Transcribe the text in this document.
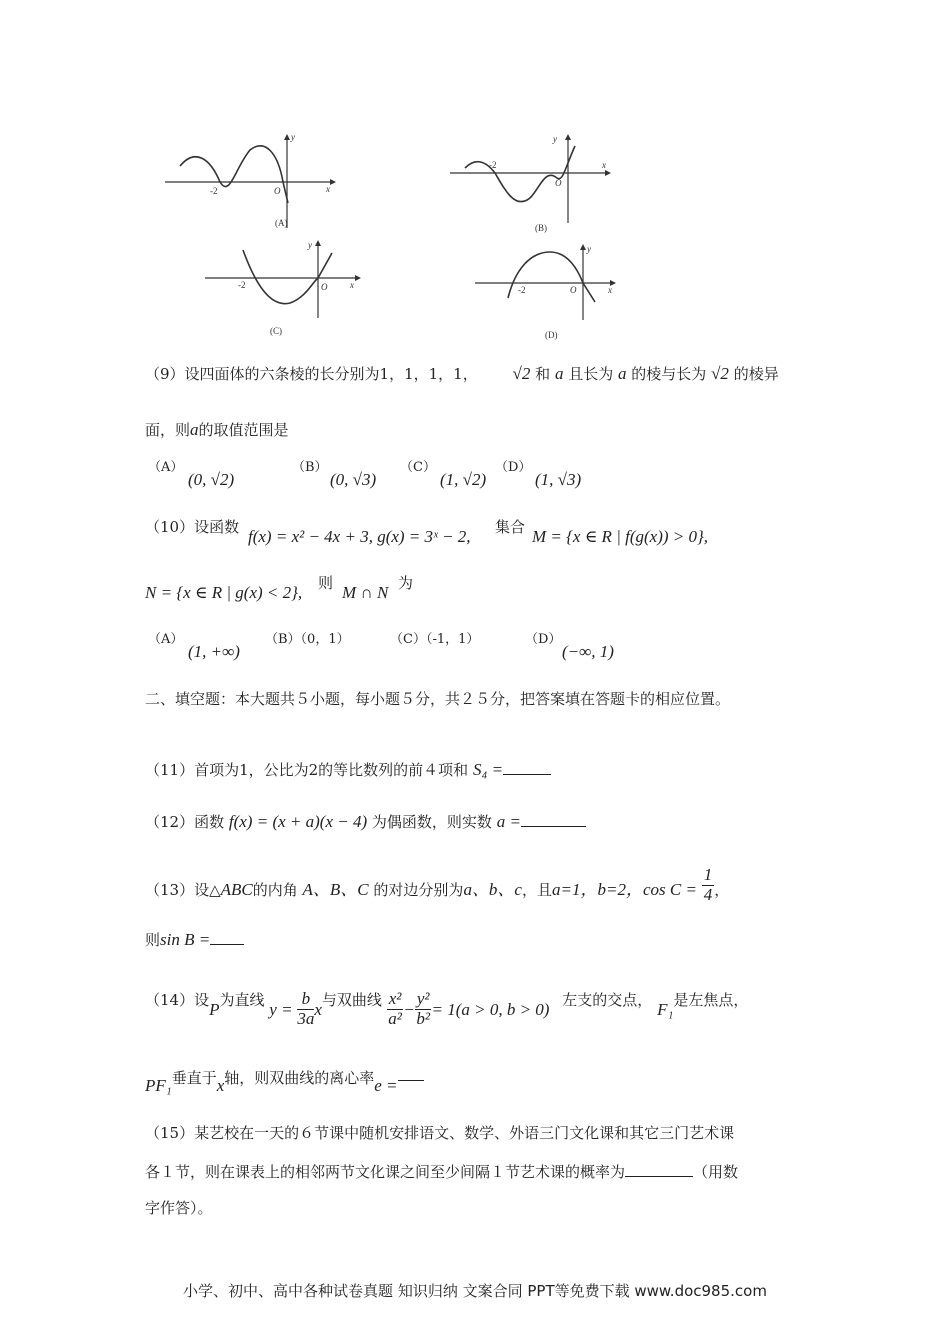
-2	O	x
y
(A)
-2
O
x
y
(B)
-2	O	x
y
(C)
-2	O	x
y
(D)
（9）设四面体的六条棱的长分别为1，1，1，1， √2 和 a 且长为 a 的棱与长为 √2 的棱异
面，则a的取值范围是
（A）
(0, √2)
（B）
(0, √3)
（C）
(1, √2)
（D）
(1, √3)
（10）设函数 f(x) = x² − 4x + 3, g(x) = 3ˣ − 2, 集合 M = {x ∈ R | f(g(x)) > 0},
N = {x ∈ R | g(x) < 2}, 则 M ∩ N 为
（A）
(1, +∞)
（B）（0，1）	（C）（-1，1）	（D）
(−∞, 1)
二、填空题：本大题共５小题，每小题５分，共２５分，把答案填在答题卡的相应位置。
（11）首项为1，公比为2的等比数列的前４项和 S₄ =
（12）函数 f(x) = (x + a)(x − 4) 为偶函数，则实数 a =
（13）设△ABC的内角 A、B、C 的对边分别为a、b、c，且a=1，b=2，$\cos C = \frac{1}{4}$ ，
则sin B =
（14）设P为直线 $y = \frac{b}{3a}$ x与双曲线 $\frac{\text{x²}}{\text{a²}} - \frac{\text{y²}}{\text{b²}} = 1(a > 0$, b > 0) 左支的交点， F₁是左焦点，
PF₁垂直于x轴，则双曲线的离心率e =
（15）某艺校在一天的６节课中随机安排语文、数学、外语三门文化课和其它三门艺术课
各１节，则在课表上的相邻两节文化课之间至少间隔１节艺术课的概率为	（用数
字作答）。
小学、初中、高中各种试卷真题 知识归纳 文案合同 PPT等免费下载 www.doc985.com
